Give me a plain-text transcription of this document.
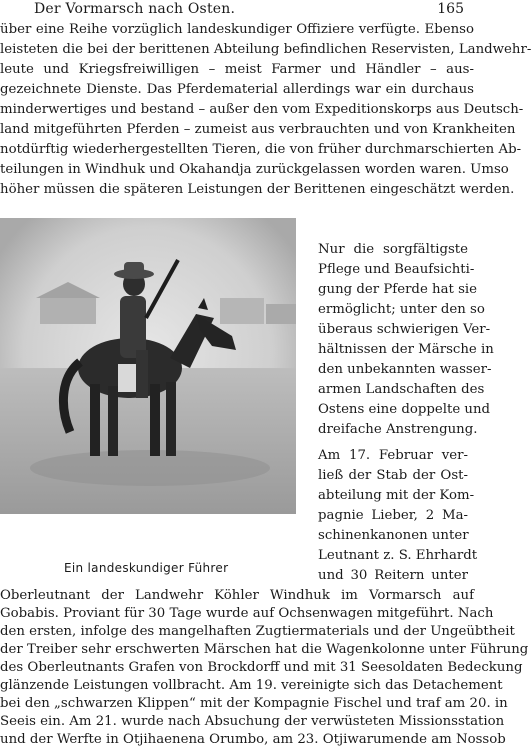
Der Vormarsch nach Osten.	165
über eine Reihe vorzüglich landeskundiger Offiziere verfügte. Ebenso
leisteten die bei der berittenen Abteilung befindlichen Reservisten, Landwehr-
leute und Kriegsfreiwilligen – meist Farmer und Händler – aus-
gezeichnete Dienste. Das Pferdematerial allerdings war ein durchaus
minderwertiges und bestand – außer den vom Expeditionskorps aus Deutsch-
land mitgeführten Pferden – zumeist aus verbrauchten und von Krankheiten
notdürftig wiederhergestellten Tieren, die von früher durchmarschierten Ab-
teilungen in Windhuk und Okahandja zurückgelassen worden waren. Umso
höher müssen die späteren Leistungen der Berittenen eingeschätzt werden.
Nur die sorgfältigste
Pflege und Beaufsichti-
gung der Pferde hat sie
ermöglicht; unter den so
überaus schwierigen Ver-
hältnissen der Märsche in
den unbekannten wasser-
armen Landschaften des
Ostens eine doppelte und
dreifache Anstrengung.
Am 17. Februar ver-
ließ der Stab der Ost-
abteilung mit der Kom-
pagnie Lieber, 2 Ma-
schinenkanonen unter
Leutnant z. S. Ehrhardt
und 30 Reitern unter
Ein landeskundiger Führer
Oberleutnant der Landwehr Köhler Windhuk im Vormarsch auf
Gobabis. Proviant für 30 Tage wurde auf Ochsenwagen mitgeführt. Nach
den ersten, infolge des mangelhaften Zugtiermaterials und der Ungeübtheit
der Treiber sehr erschwerten Märschen hat die Wagenkolonne unter Führung
des Oberleutnants Grafen von Brockdorff und mit 31 Seesoldaten Bedeckung
glänzende Leistungen vollbracht. Am 19. vereinigte sich das Detachement
bei den „schwarzen Klippen“ mit der Kompagnie Fischel und traf am 20. in
Seeis ein. Am 21. wurde nach Absuchung der verwüsteten Missionsstation
und der Werfte in Otjihaenena Orumbo, am 23. Otjiwarumende am Nossob
